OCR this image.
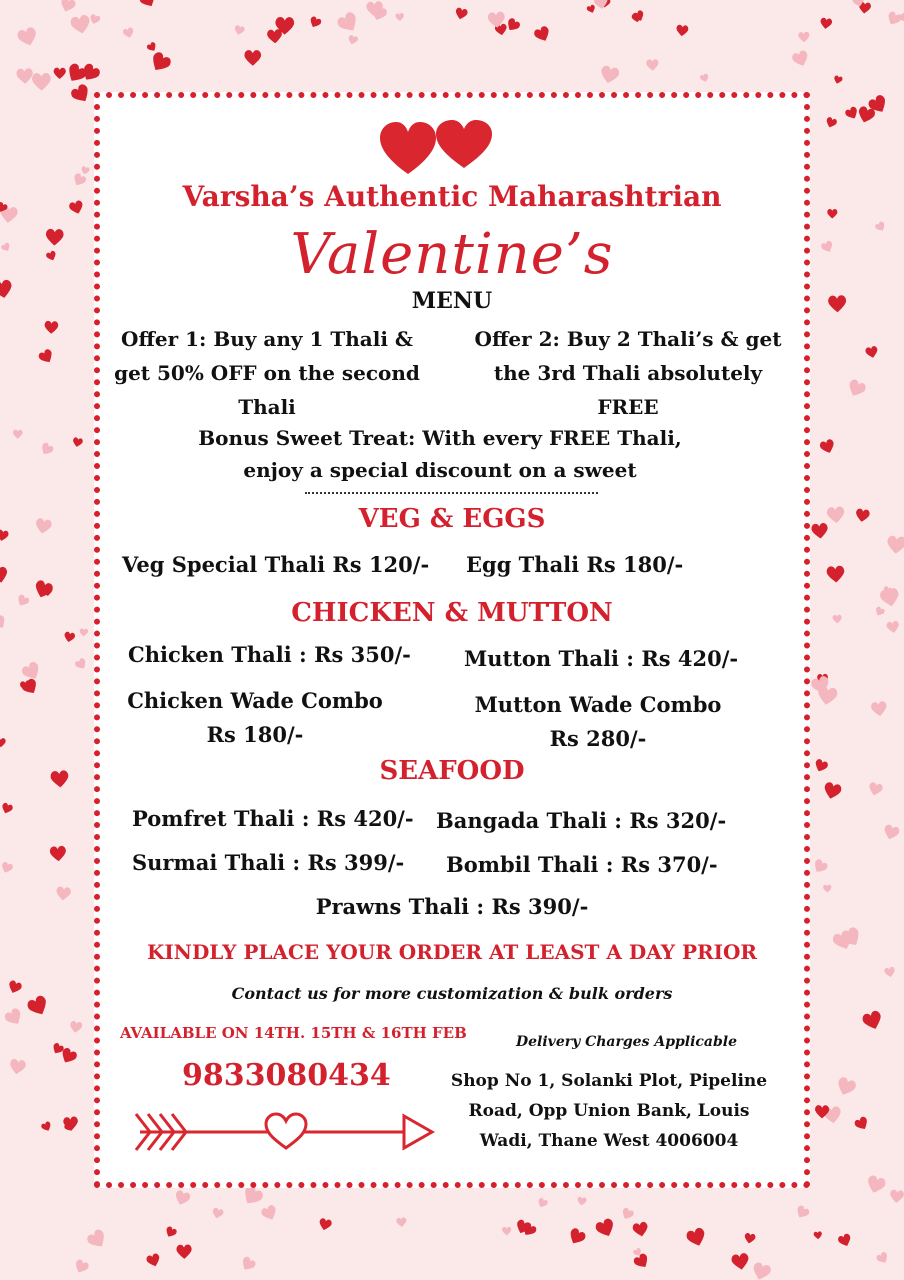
Varsha’s Authentic Maharashtrian
Valentine’s
MENU
Offer 1: Buy any 1 Thali & get 50% OFF on the second Thali
Offer 2: Buy 2 Thali’s & get the 3rd Thali absolutely FREE
Bonus Sweet Treat: With every FREE Thali, enjoy a special discount on a sweet
VEG & EGGS
Veg Special Thali Rs 120/- Egg Thali Rs 180/-
CHICKEN & MUTTON
Chicken Thali : Rs 350/-	Mutton Thali : Rs 420/-
Chicken Wade Combo Rs 180/-
Mutton Wade Combo Rs 280/-
SEAFOOD
Pomfret Thali : Rs 420/- Bangada Thali : Rs 320/-
Surmai Thali : Rs 399/- Bombil Thali : Rs 370/-
Prawns Thali : Rs 390/-
KINDLY PLACE YOUR ORDER AT LEAST A DAY PRIOR
Contact us for more customization & bulk orders
AVAILABLE ON 14TH. 15TH & 16TH FEB	Delivery Charges Applicable
9833080434	Shop No 1, Solanki Plot, Pipeline Road, Opp Union Bank, Louis Wadi, Thane West 4006004
